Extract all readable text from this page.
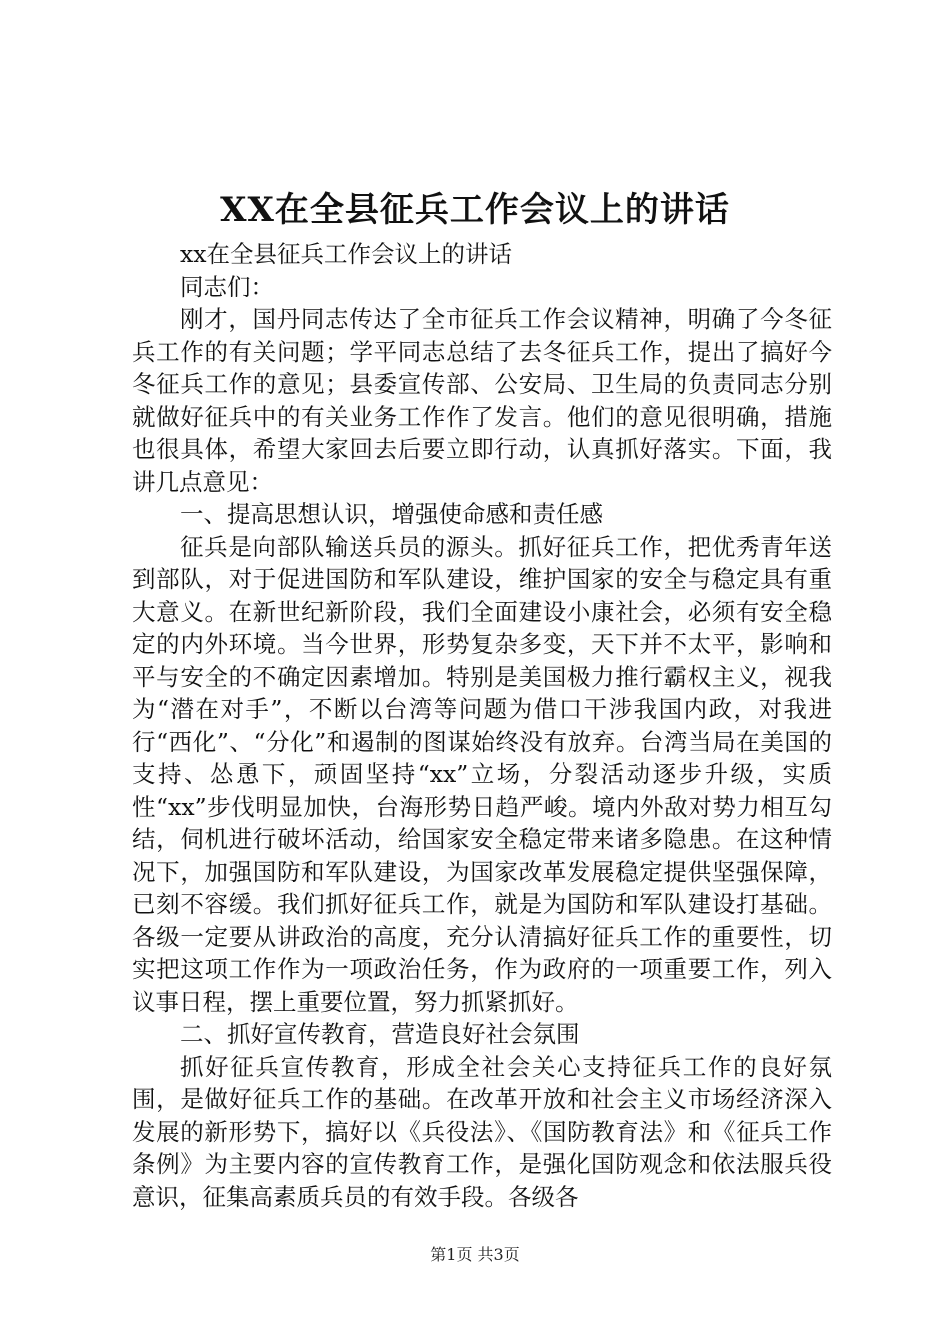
XX在全县征兵工作会议上的讲话

xx在全县征兵工作会议上的讲话

同志们：

刚才，国丹同志传达了全市征兵工作会议精神，明确了今冬征兵工作的有关问题；学平同志总结了去冬征兵工作，提出了搞好今冬征兵工作的意见；县委宣传部、公安局、卫生局的负责同志分别就做好征兵中的有关业务工作作了发言。他们的意见很明确，措施也很具体，希望大家回去后要立即行动，认真抓好落实。下面，我讲几点意见：

一、提高思想认识，增强使命感和责任感

征兵是向部队输送兵员的源头。抓好征兵工作，把优秀青年送到部队，对于促进国防和军队建设，维护国家的安全与稳定具有重大意义。在新世纪新阶段，我们全面建设小康社会，必须有安全稳定的内外环境。当今世界，形势复杂多变，天下并不太平，影响和平与安全的不确定因素增加。特别是美国极力推行霸权主义，视我为“潜在对手”，不断以台湾等问题为借口干涉我国内政，对我进行“西化”、“分化”和遏制的图谋始终没有放弃。台湾当局在美国的支持、怂恿下，顽固坚持“xx”立场，分裂活动逐步升级，实质性“xx”步伐明显加快，台海形势日趋严峻。境内外敌对势力相互勾结，伺机进行破坏活动，给国家安全稳定带来诸多隐患。在这种情况下，加强国防和军队建设，为国家改革发展稳定提供坚强保障，已刻不容缓。我们抓好征兵工作，就是为国防和军队建设打基础。各级一定要从讲政治的高度，充分认清搞好征兵工作的重要性，切实把这项工作作为一项政治任务，作为政府的一项重要工作，列入议事日程，摆上重要位置，努力抓紧抓好。

二、抓好宣传教育，营造良好社会氛围

抓好征兵宣传教育，形成全社会关心支持征兵工作的良好氛围，是做好征兵工作的基础。在改革开放和社会主义市场经济深入发展的新形势下，搞好以《兵役法》、《国防教育法》和《征兵工作条例》为主要内容的宣传教育工作，是强化国防观念和依法服兵役意识，征集高素质兵员的有效手段。各级各

第1页 共3页
